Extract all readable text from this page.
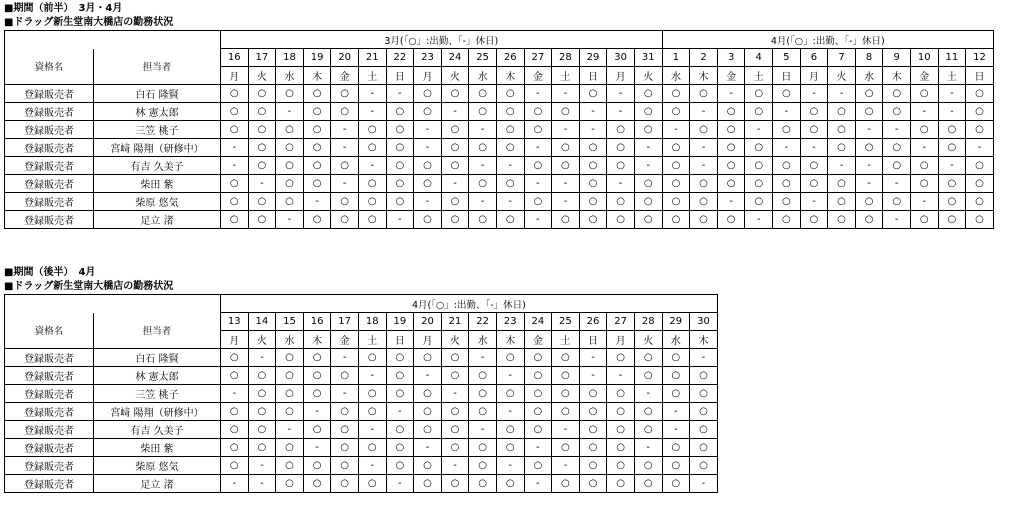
■期間（前半）　3月・4月
■ドラッグ新生堂南大橋店の勤務状況
		3月(「○」:出勤、「-」休日)																4月(「○」:出勤、「-」休日)											
資格名	担当者	16	17	18	19	20	21	22	23	24	25	26	27	28	29	30	31	1	2	3	4	5	6	7	8	9	10	11	12
		月	火	水	木	金	土	日	月	火	水	木	金	土	日	月	火	水	木	金	土	日	月	火	水	木	金	土	日
登録販売者	白石 隆賢	○	○	○	○	○	-	-	○	○	○	○	-	-	○	-	○	○	○	-	○	○	-	-	○	○	○	-	○
登録販売者	林 憲太郎	○	○	-	○	○	-	○	○	-	○	○	○	○	-	-	○	○	-	○	○	-	○	○	○	○	-	-	○
登録販売者	三笠 桃子	○	○	○	○	-	○	○	-	○	-	○	○	-	-	○	○	-	○	○	-	○	○	○	-	-	○	○	○
登録販売者	宮﨑 陽翔（研修中）	-	○	○	○	-	○	○	-	○	○	○	-	○	○	○	-	○	-	○	○	-	-	○	○	○	-	○	-
登録販売者	有吉 久美子	-	○	○	○	○	-	○	○	○	-	-	○	○	○	○	-	○	-	○	○	○	○	-	-	○	○	-	○
登録販売者	柴田 紫	○	-	○	○	-	○	○	○	-	○	○	-	-	○	-	○	○	○	○	○	○	○	○	-	-	○	○	○
登録販売者	柴原 悠気	○	○	○	-	○	○	○	-	○	-	-	○	-	○	○	○	○	○	-	○	○	-	○	○	○	-	○	○
登録販売者	足立 渚	○	○	-	○	○	○	-	○	○	○	○	-	○	○	○	○	○	○	○	-	○	○	○	○	-	○	○	○
■期間（後半）　4月
■ドラッグ新生堂南大橋店の勤務状況
		4月(「○」:出勤、「-」休日)																	
資格名	担当者	13	14	15	16	17	18	19	20	21	22	23	24	25	26	27	28	29	30
		月	火	水	木	金	土	日	月	火	水	木	金	土	日	月	火	水	木
登録販売者	白石 隆賢	○	-	○	○	-	○	○	○	○	-	○	○	○	-	○	○	○	-
登録販売者	林 憲太郎	○	○	○	○	○	-	○	-	○	○	-	○	○	-	-	○	○	○
登録販売者	三笠 桃子	-	○	○	○	-	○	○	○	-	○	○	○	○	○	○	-	○	○
登録販売者	宮﨑 陽翔（研修中）	○	○	○	-	○	○	-	○	○	○	-	○	○	○	○	○	-	○
登録販売者	有吉 久美子	○	○	-	○	○	-	○	○	○	-	○	○	-	○	○	○	-	○
登録販売者	柴田 紫	○	○	○	-	○	○	○	-	○	○	○	-	○	○	○	-	○	○
登録販売者	柴原 悠気	○	-	○	○	○	-	○	○	-	○	-	○	-	○	○	○	○	○
登録販売者	足立 渚	-	-	○	○	○	○	-	○	○	○	○	-	○	○	○	○	○	-
